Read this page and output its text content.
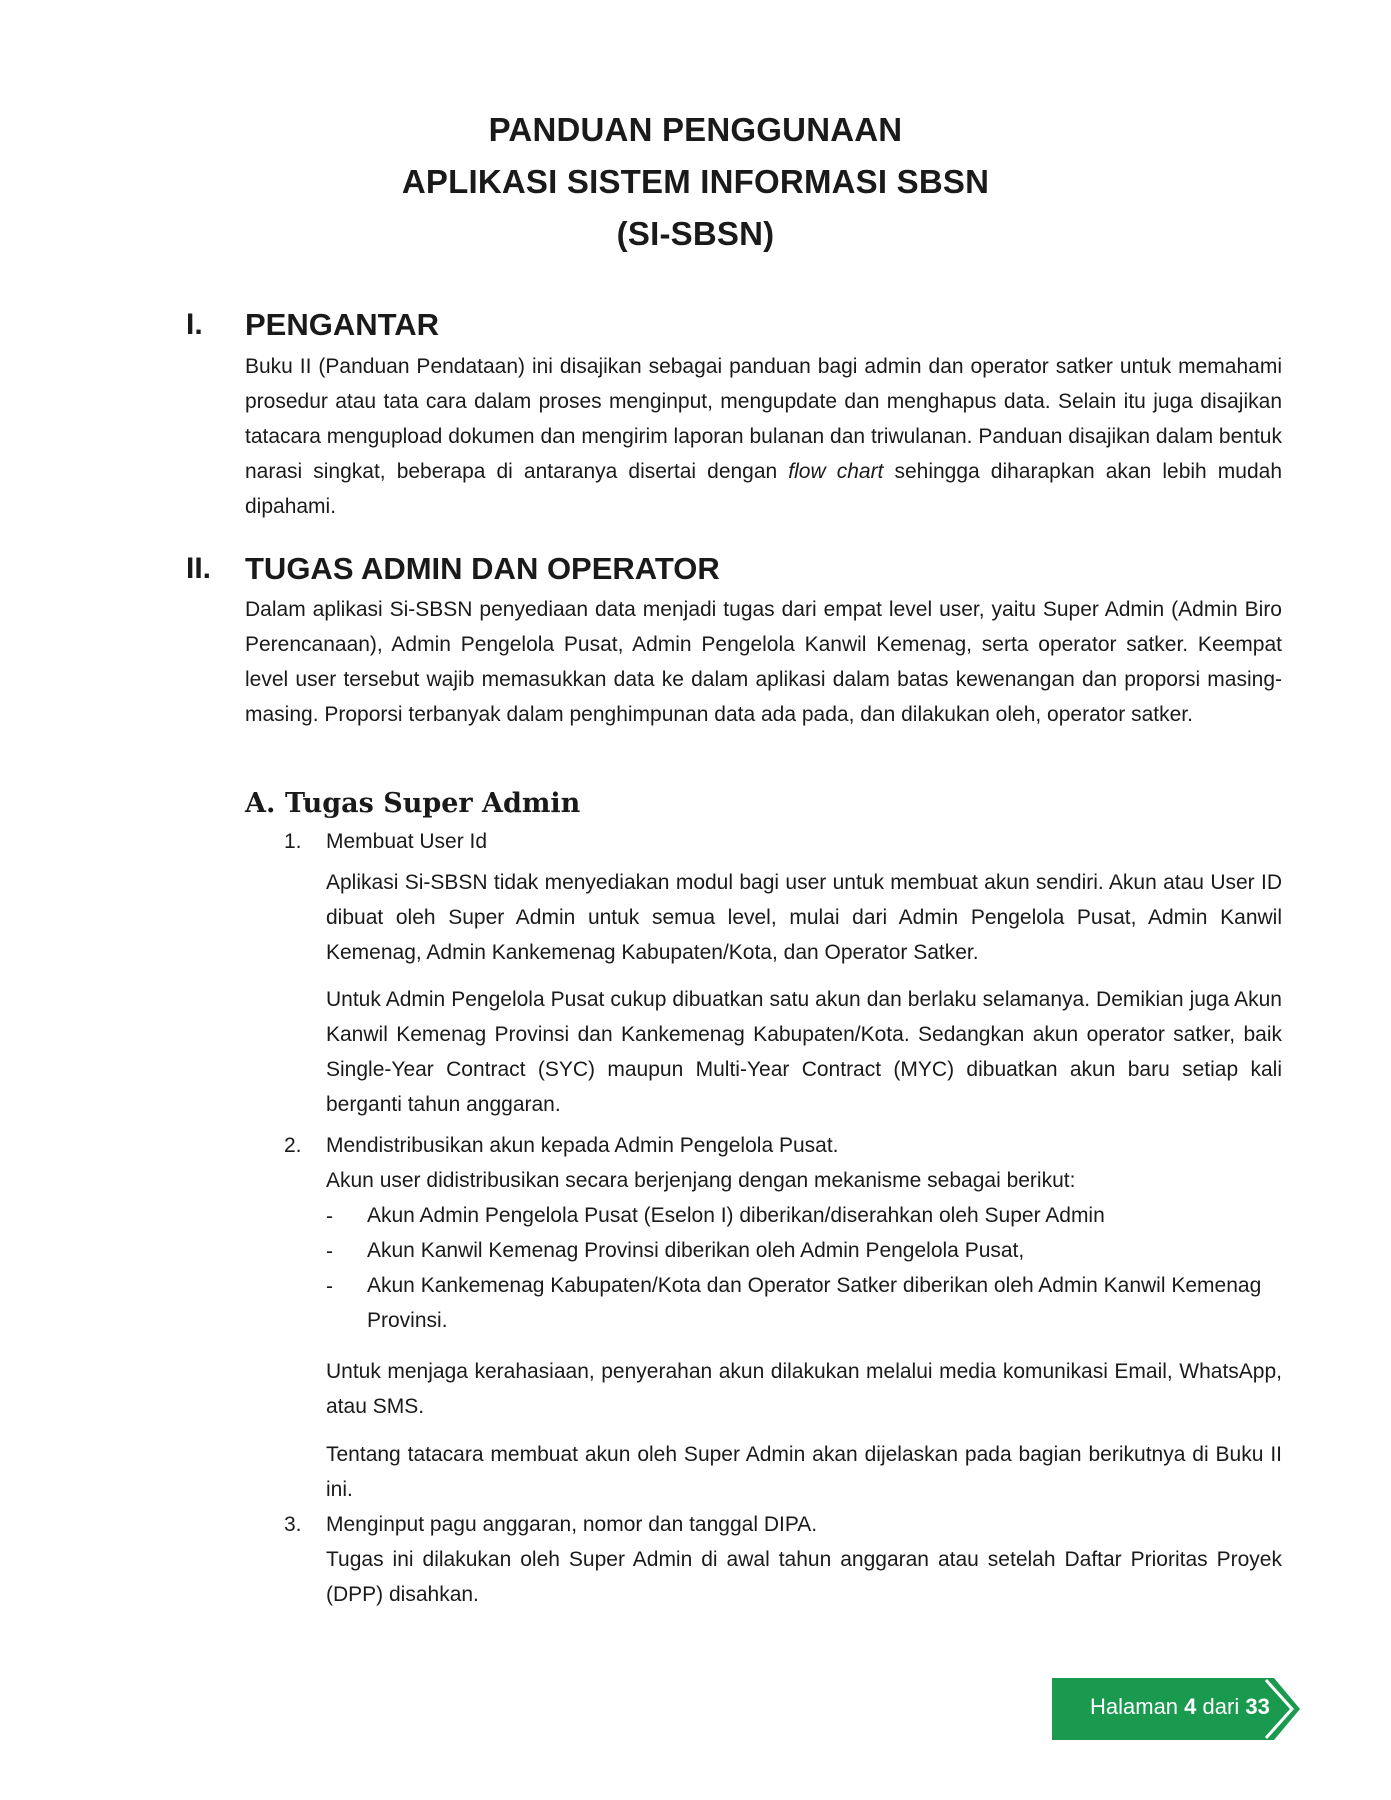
PANDUAN PENGGUNAAN
APLIKASI SISTEM INFORMASI SBSN
(SI-SBSN)
I. PENGANTAR
Buku II (Panduan Pendataan) ini disajikan sebagai panduan bagi admin dan operator satker untuk memahami prosedur atau tata cara dalam proses menginput, mengupdate dan menghapus data. Selain itu juga disajikan tatacara mengupload dokumen dan mengirim laporan bulanan dan triwulanan. Panduan disajikan dalam bentuk narasi singkat, beberapa di antaranya disertai dengan flow chart sehingga diharapkan akan lebih mudah dipahami.
II. TUGAS ADMIN DAN OPERATOR
Dalam aplikasi Si-SBSN penyediaan data menjadi tugas dari empat level user, yaitu Super Admin (Admin Biro Perencanaan), Admin Pengelola Pusat, Admin Pengelola Kanwil Kemenag, serta operator satker. Keempat level user tersebut wajib memasukkan data ke dalam aplikasi dalam batas kewenangan dan proporsi masing-masing. Proporsi terbanyak dalam penghimpunan data ada pada, dan dilakukan oleh, operator satker.
A. Tugas Super Admin
1. Membuat User Id
Aplikasi Si-SBSN tidak menyediakan modul bagi user untuk membuat akun sendiri. Akun atau User ID dibuat oleh Super Admin untuk semua level, mulai dari Admin Pengelola Pusat, Admin Kanwil Kemenag, Admin Kankemenag Kabupaten/Kota, dan Operator Satker.
Untuk Admin Pengelola Pusat cukup dibuatkan satu akun dan berlaku selamanya. Demikian juga Akun Kanwil Kemenag Provinsi dan Kankemenag Kabupaten/Kota. Sedangkan akun operator satker, baik Single-Year Contract (SYC) maupun Multi-Year Contract (MYC) dibuatkan akun baru setiap kali berganti tahun anggaran.
2. Mendistribusikan akun kepada Admin Pengelola Pusat.
Akun user didistribusikan secara berjenjang dengan mekanisme sebagai berikut:
- Akun Admin Pengelola Pusat (Eselon I) diberikan/diserahkan oleh Super Admin
- Akun Kanwil Kemenag Provinsi diberikan oleh Admin Pengelola Pusat,
- Akun Kankemenag Kabupaten/Kota dan Operator Satker diberikan oleh Admin Kanwil Kemenag Provinsi.
Untuk menjaga kerahasiaan, penyerahan akun dilakukan melalui media komunikasi Email, WhatsApp, atau SMS.
Tentang tatacara membuat akun oleh Super Admin akan dijelaskan pada bagian berikutnya di Buku II ini.
3. Menginput pagu anggaran, nomor dan tanggal DIPA.
Tugas ini dilakukan oleh Super Admin di awal tahun anggaran atau setelah Daftar Prioritas Proyek (DPP) disahkan.
Halaman 4 dari 33
